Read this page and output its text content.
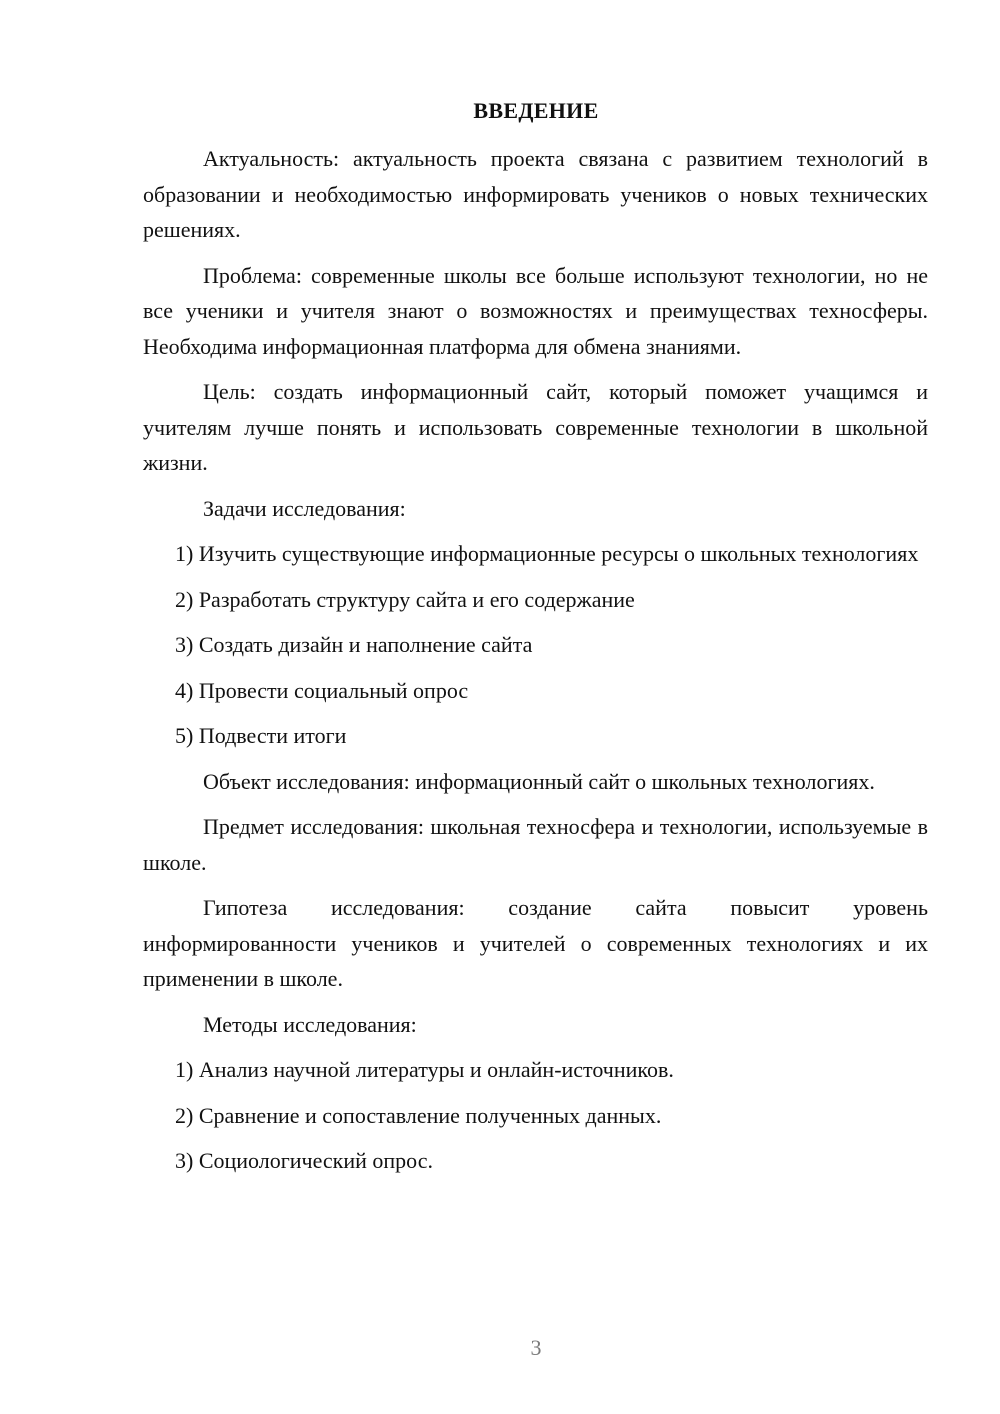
ВВЕДЕНИЕ

Актуальность: актуальность проекта связана с развитием технологий в образовании и необходимостью информировать учеников о новых технических решениях.

Проблема: современные школы все больше используют технологии, но не все ученики и учителя знают о возможностях и преимуществах техносферы. Необходима информационная платформа для обмена знаниями.

Цель: создать информационный сайт, который поможет учащимся и учителям лучше понять и использовать современные технологии в школьной жизни.

Задачи исследования:

1) Изучить существующие информационные ресурсы о школьных технологиях

2) Разработать структуру сайта и его содержание

3) Создать дизайн и наполнение сайта

4) Провести социальный опрос

5) Подвести итоги

Объект исследования: информационный сайт о школьных технологиях.

Предмет исследования: школьная техносфера и технологии, используемые в школе.

Гипотеза исследования: создание сайта повысит уровень информированности учеников и учителей о современных технологиях и их применении в школе.

Методы исследования:

1) Анализ научной литературы и онлайн-источников.

2) Сравнение и сопоставление полученных данных.

3) Социологический опрос.

3
